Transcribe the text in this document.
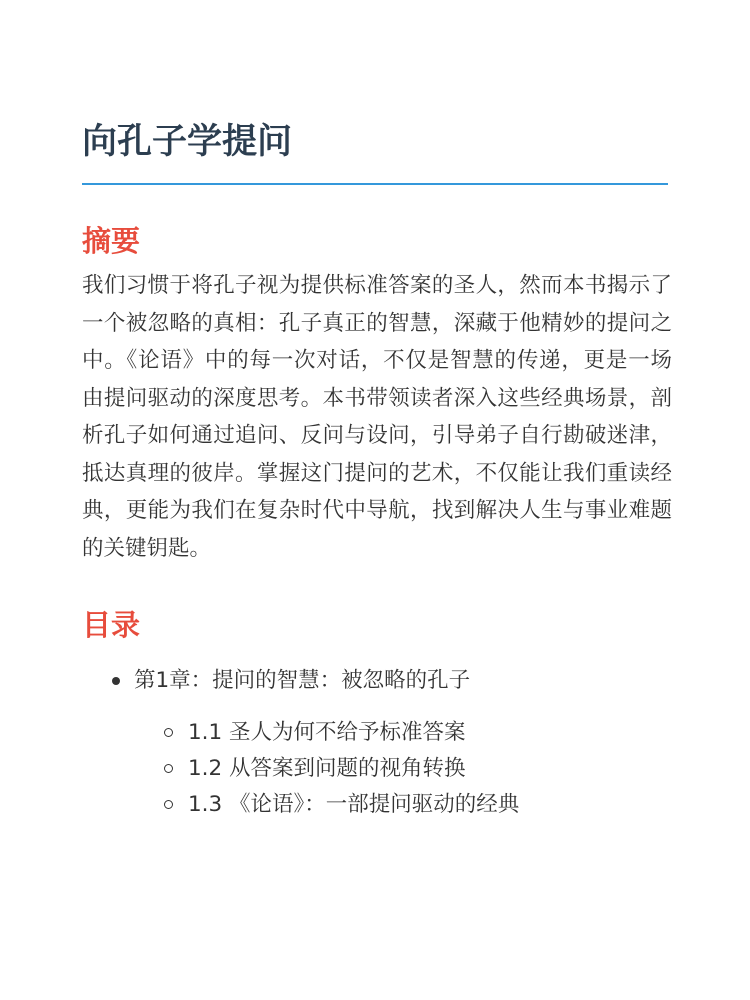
向孔子学提问
摘要

我们习惯于将孔子视为提供标准答案的圣人，然而本书揭示了一个被忽略的真相：孔子真正的智慧，深藏于他精妙的提问之中。《论语》中的每一次对话，不仅是智慧的传递，更是一场由提问驱动的深度思考。本书带领读者深入这些经典场景，剖析孔子如何通过追问、反问与设问，引导弟子自行勘破迷津，抵达真理的彼岸。掌握这门提问的艺术，不仅能让我们重读经典，更能为我们在复杂时代中导航，找到解决人生与事业难题的关键钥匙。

目录
第1章：提问的智慧：被忽略的孔子
1.1 圣人为何不给予标准答案
1.2 从答案到问题的视角转换
1.3 《论语》：一部提问驱动的经典
